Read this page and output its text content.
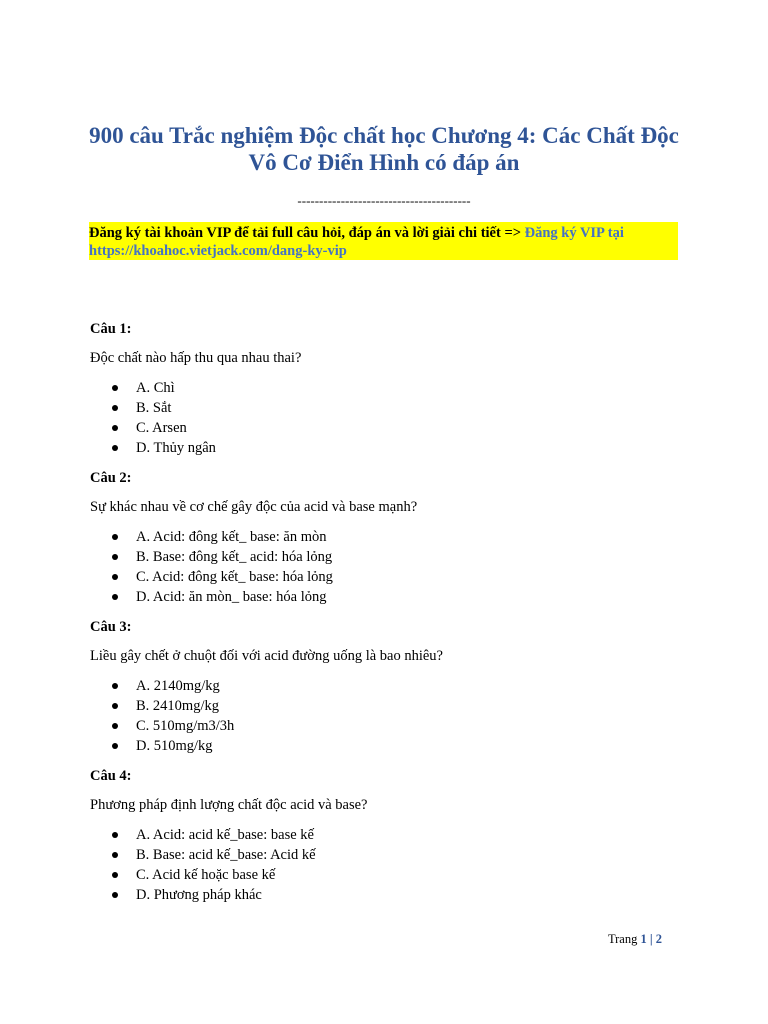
900 câu Trắc nghiệm Độc chất học Chương 4: Các Chất Độc
Vô Cơ Điển Hình có đáp án
----------------------------------------
Đăng ký tài khoản VIP để tải full câu hỏi, đáp án và lời giải chi tiết => Đăng ký VIP tại https://khoahoc.vietjack.com/dang-ky-vip
Câu 1:
Độc chất nào hấp thu qua nhau thai?
A. Chì
B. Sắt
C. Arsen
D. Thủy ngân
Câu 2:
Sự khác nhau về cơ chế gây độc của acid và base mạnh?
A. Acid: đông kết_ base: ăn mòn
B. Base: đông kết_ acid: hóa lỏng
C. Acid: đông kết_ base: hóa lỏng
D. Acid: ăn mòn_ base: hóa lỏng
Câu 3:
Liều gây chết ở chuột đối với acid đường uống là bao nhiêu?
A. 2140mg/kg
B. 2410mg/kg
C. 510mg/m3/3h
D. 510mg/kg
Câu 4:
Phương pháp định lượng chất độc acid và base?
A. Acid: acid kế_base: base kế
B. Base: acid kế_base: Acid kế
C. Acid kế hoặc base kế
D. Phương pháp khác
Trang 1 | 2
